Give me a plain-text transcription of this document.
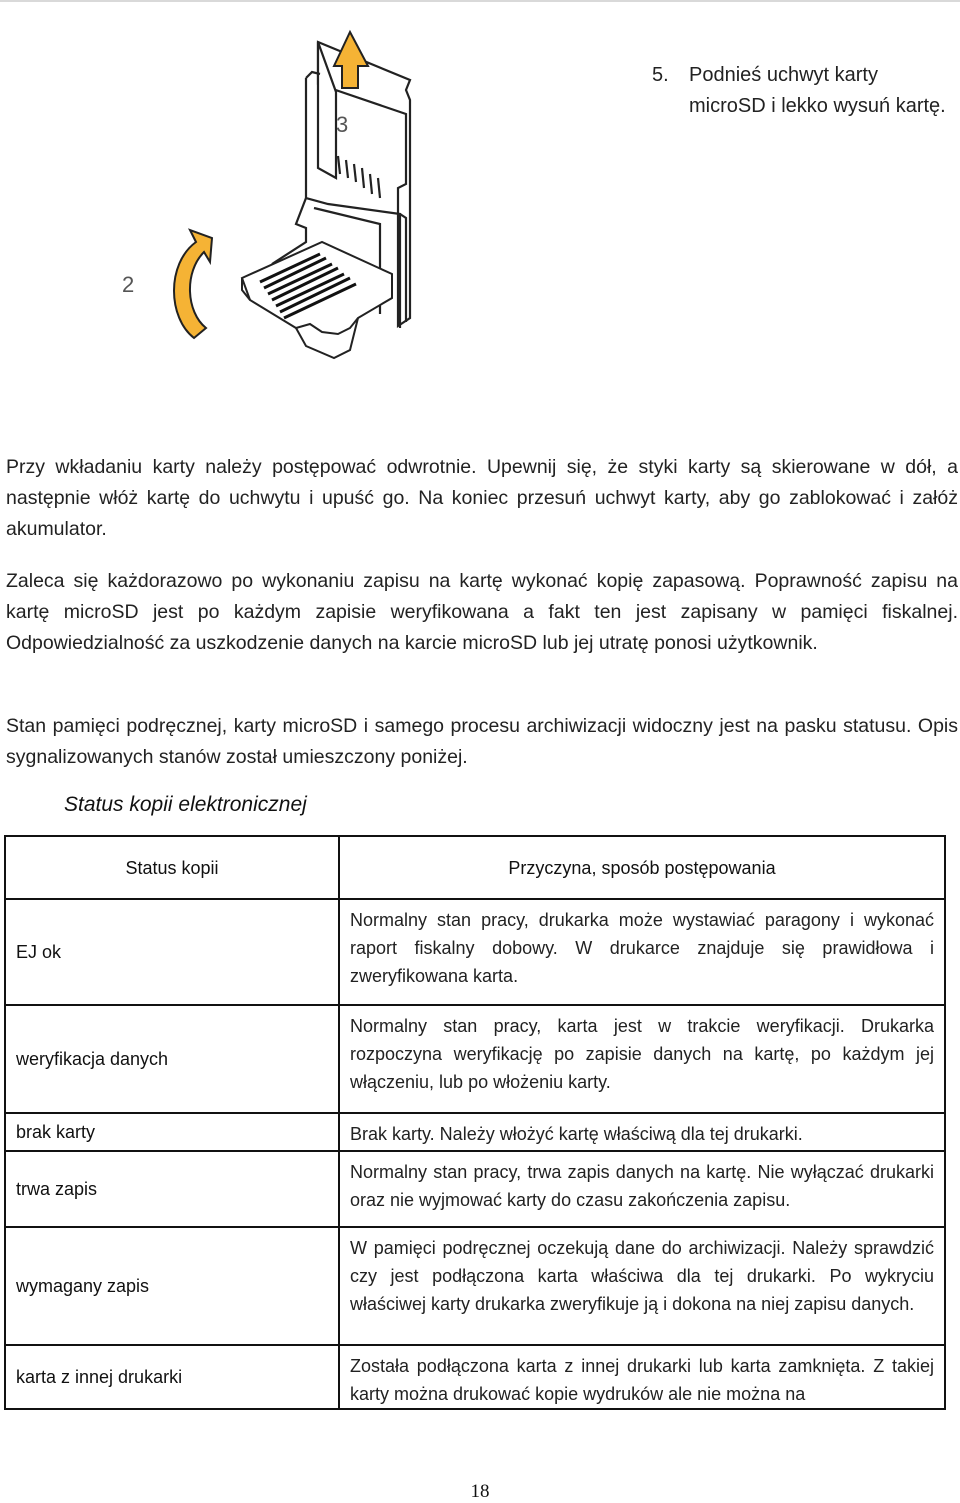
3
2
5. Podnieś uchwyt karty microSD i lekko wysuń kartę.

Przy wkładaniu karty należy postępować odwrotnie. Upewnij się, że styki karty są skierowane w dół, a następnie włóż kartę do uchwytu i upuść go. Na koniec przesuń uchwyt karty, aby go zablokować i załóż akumulator.

Zaleca się każdorazowo po wykonaniu zapisu na kartę wykonać kopię zapasową. Poprawność zapisu na kartę microSD jest po każdym zapisie weryfikowana a fakt ten jest zapisany w pamięci fiskalnej. Odpowiedzialność za uszkodzenie danych na karcie microSD lub jej utratę ponosi użytkownik.

Stan pamięci podręcznej, karty microSD i samego procesu archiwizacji widoczny jest na pasku statusu. Opis sygnalizowanych stanów został umieszczony poniżej.

Status kopii elektronicznej
Status kopii	Przyczyna, sposób postępowania
EJ ok	Normalny stan pracy, drukarka może wystawiać paragony i wykonać raport fiskalny dobowy. W drukarce znajduje się prawidłowa i zweryfikowana karta.

weryfikacja danych	Normalny stan pracy, karta jest w trakcie weryfikacji. Drukarka rozpoczyna weryfikację po zapisie danych na kartę, po każdym jej włączeniu, lub po włożeniu karty.

brak karty	Brak karty. Należy włożyć kartę właściwą dla tej drukarki.

trwa zapis	Normalny stan pracy, trwa zapis danych na kartę. Nie wyłączać drukarki oraz nie wyjmować karty do czasu zakończenia zapisu.

wymagany zapis	W pamięci podręcznej oczekują dane do archiwizacji. Należy sprawdzić czy jest podłączona karta właściwa dla tej drukarki. Po wykryciu właściwej karty drukarka zweryfikuje ją i dokona na niej zapisu danych.

karta z innej drukarki	Została podłączona karta z innej drukarki lub karta zamknięta. Z takiej karty można drukować kopie wydruków ale nie można na
18
